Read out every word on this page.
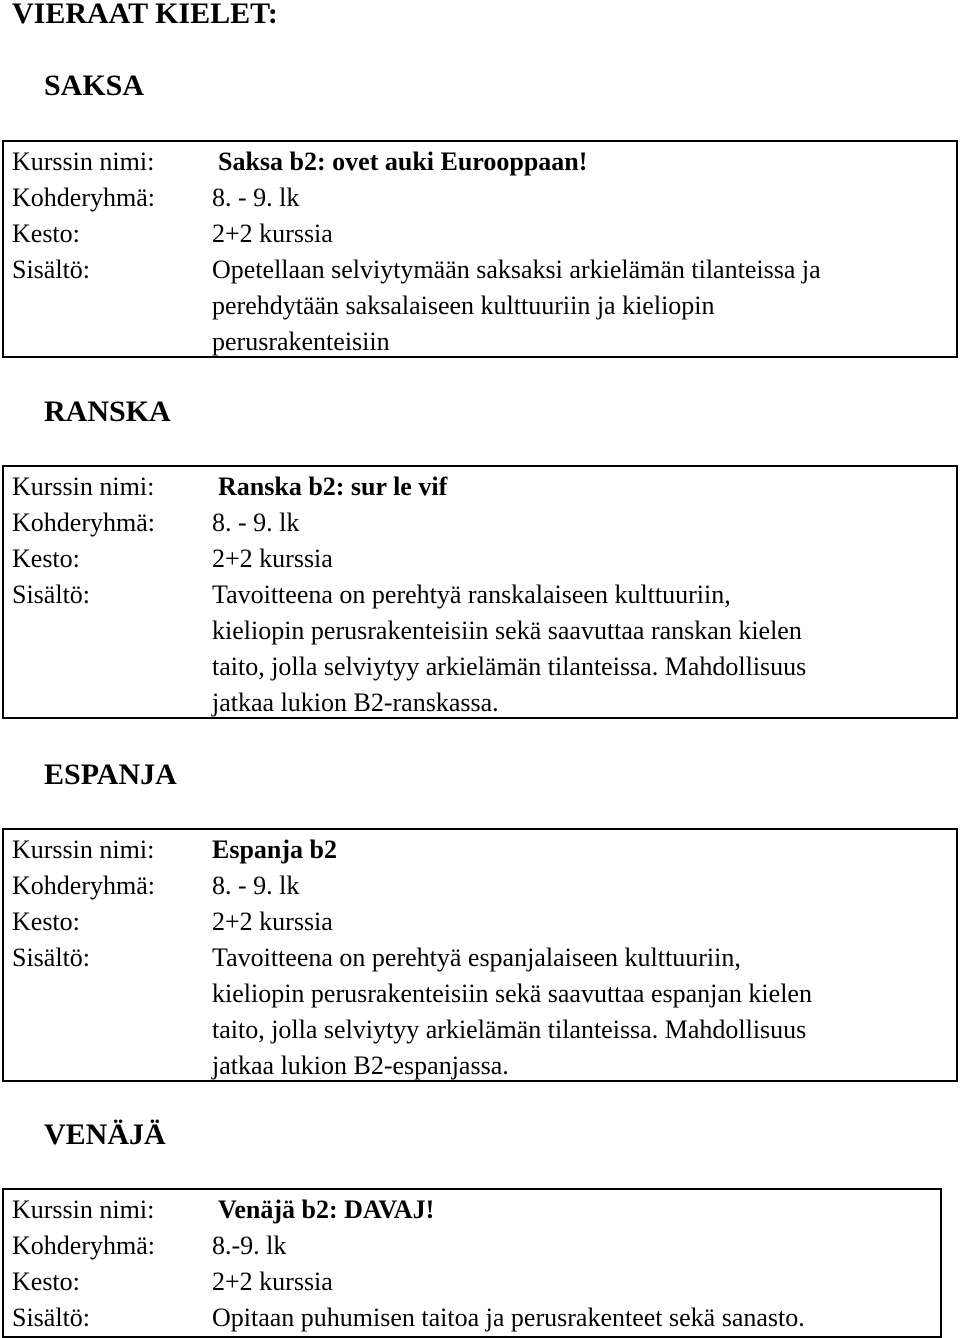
VIERAAT KIELET:
SAKSA
Kurssin nimi: Saksa b2: ovet auki Eurooppaan!
Kohderyhmä: 8. - 9. lk
Kesto:	2+2 kurssia
Sisältö:	Opetellaan selviytymään saksaksi arkielämän tilanteissa ja
perehdytään saksalaiseen kulttuuriin ja kieliopin
perusrakenteisiin
RANSKA
Kurssin nimi: Ranska b2: sur le vif
Kohderyhmä: 8. - 9. lk
Kesto:	2+2 kurssia
Sisältö:	Tavoitteena on perehtyä ranskalaiseen kulttuuriin,
kieliopin perusrakenteisiin sekä saavuttaa ranskan kielen
taito, jolla selviytyy arkielämän tilanteissa. Mahdollisuus
jatkaa lukion B2-ranskassa.
ESPANJA
Kurssin nimi: Espanja b2
Kohderyhmä: 8. - 9. lk
Kesto:	2+2 kurssia
Sisältö:	Tavoitteena on perehtyä espanjalaiseen kulttuuriin,
kieliopin perusrakenteisiin sekä saavuttaa espanjan kielen
taito, jolla selviytyy arkielämän tilanteissa. Mahdollisuus
jatkaa lukion B2-espanjassa.
VENÄJÄ
Kurssin nimi: Venäjä b2: DAVAJ!
Kohderyhmä: 8.-9. lk
Kesto:	2+2 kurssia
Sisältö:	Opitaan puhumisen taitoa ja perusrakenteet sekä sanasto.
